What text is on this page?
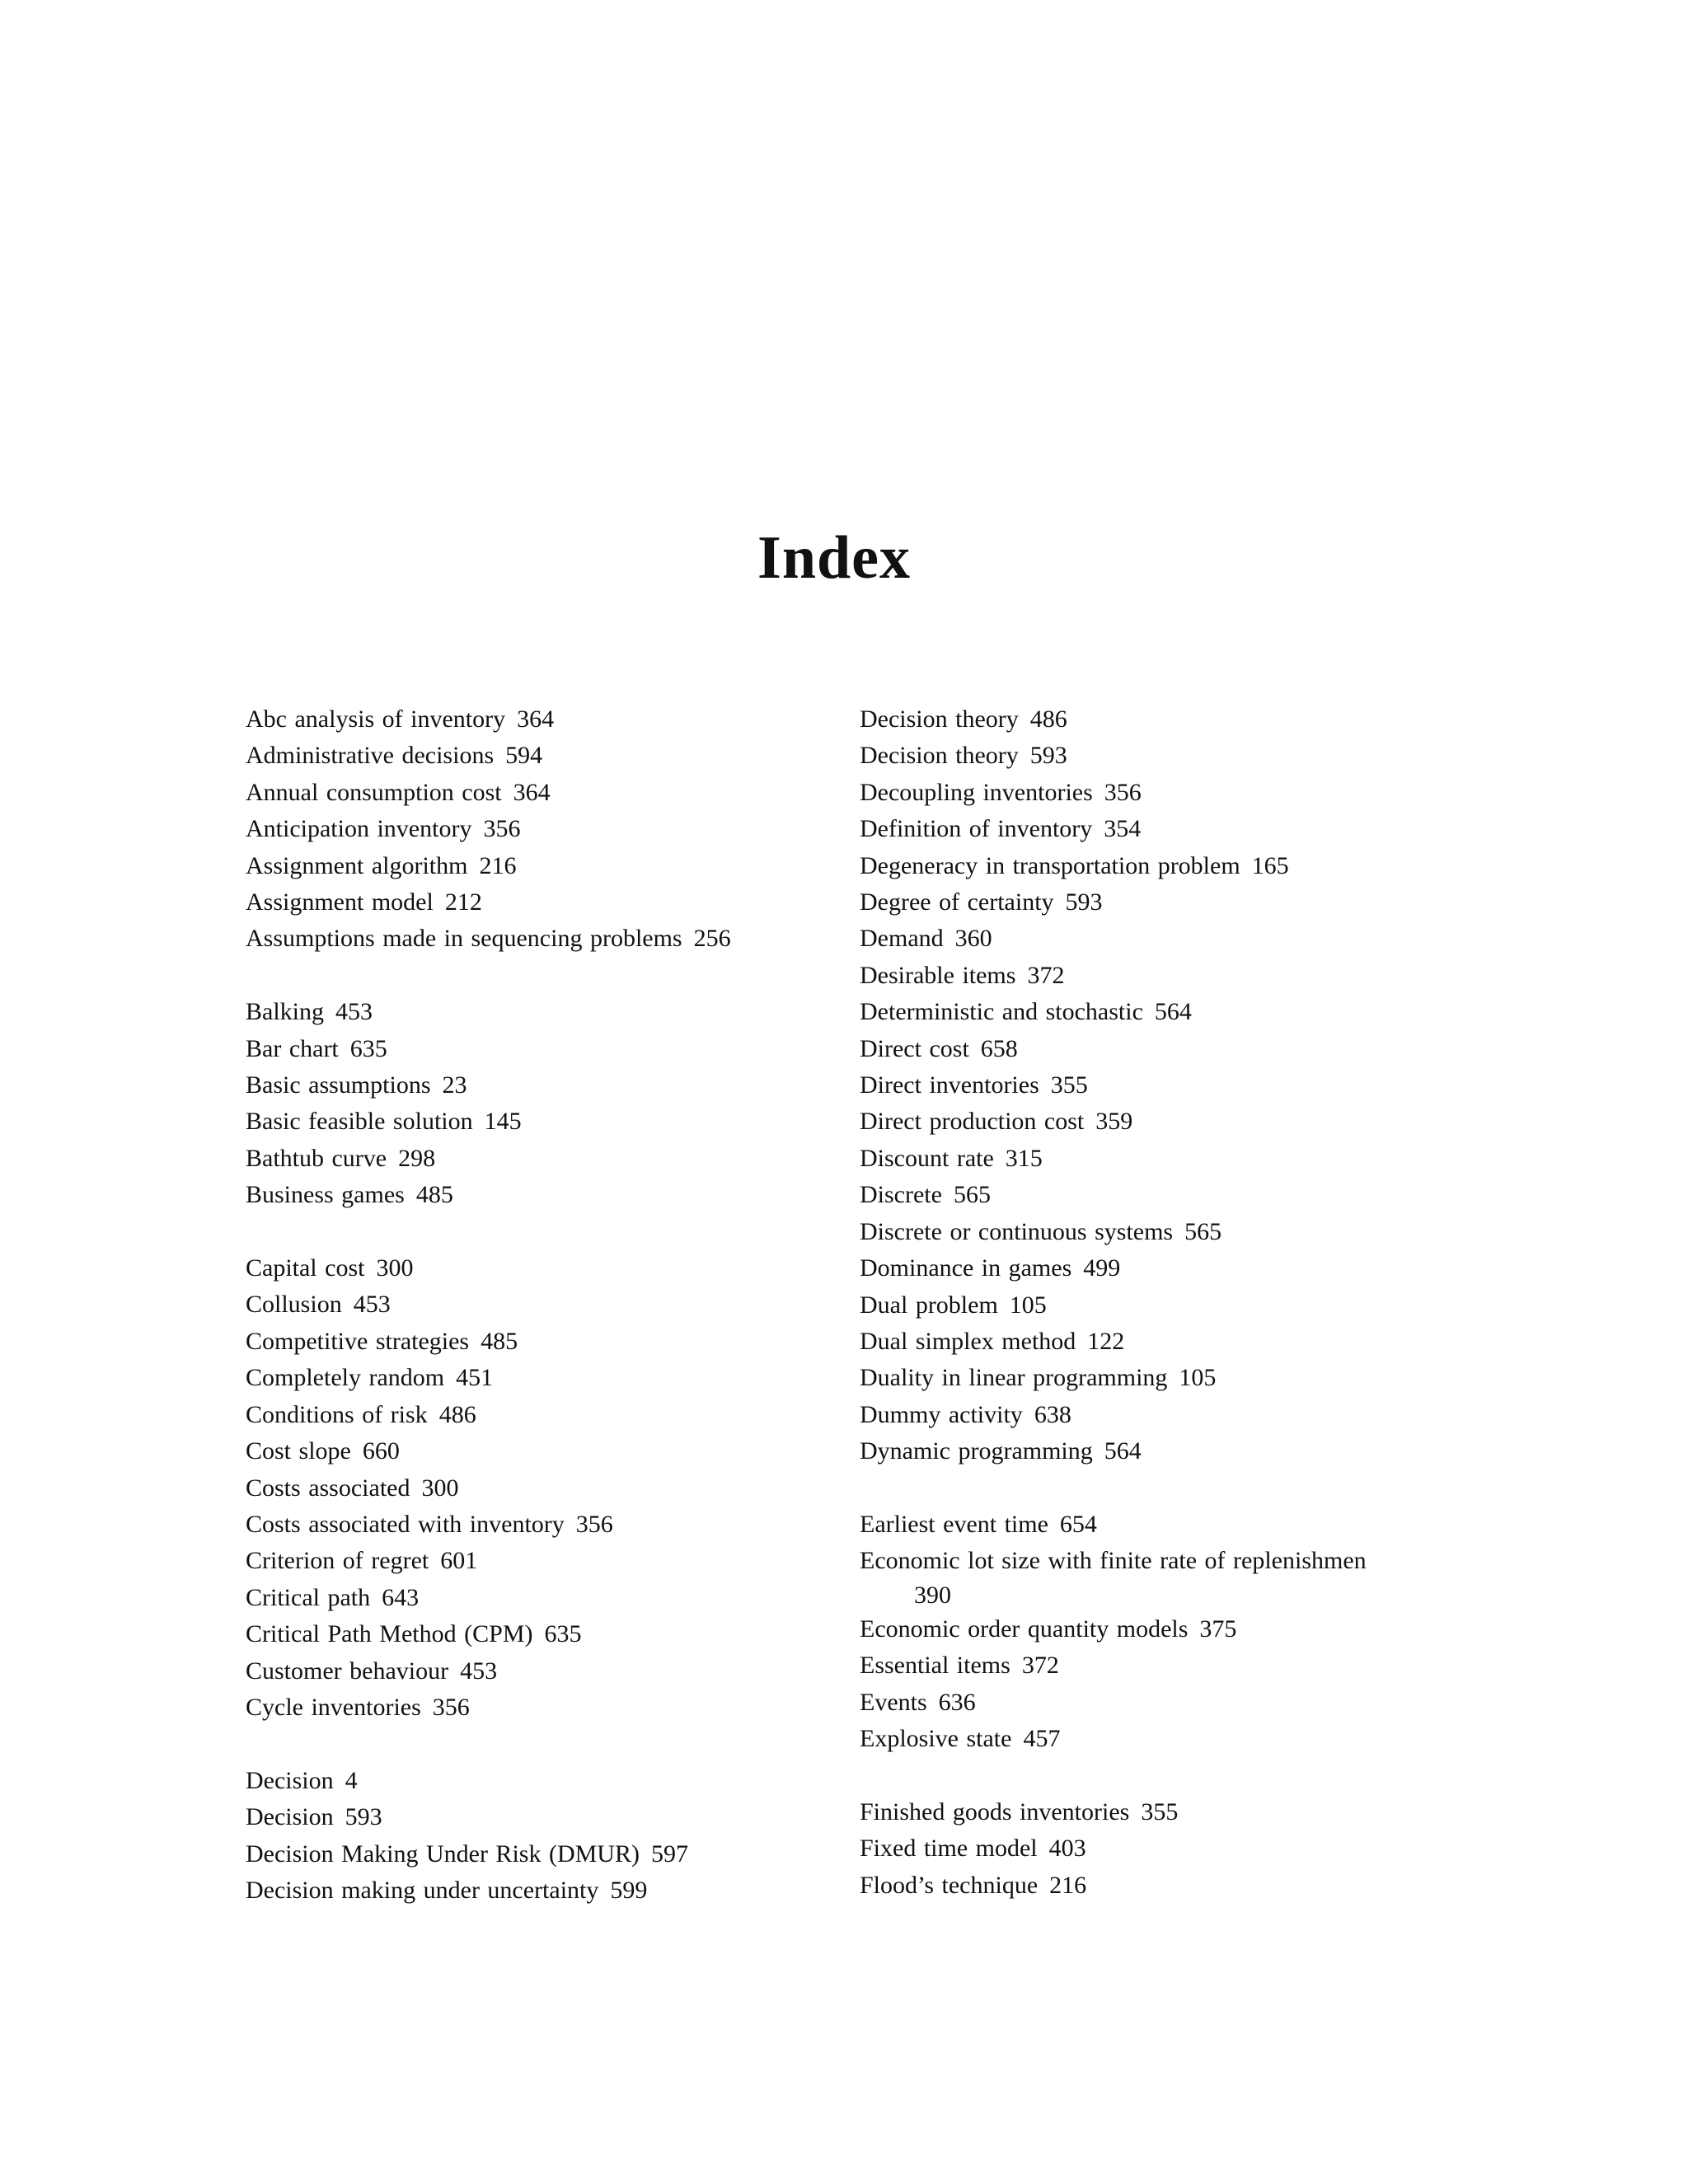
Index
Abc analysis of inventory 364
Administrative decisions 594
Annual consumption cost 364
Anticipation inventory 356
Assignment algorithm 216
Assignment model 212
Assumptions made in sequencing problems 256
Balking 453
Bar chart 635
Basic assumptions 23
Basic feasible solution 145
Bathtub curve 298
Business games 485
Capital cost 300
Collusion 453
Competitive strategies 485
Completely random 451
Conditions of risk 486
Cost slope 660
Costs associated 300
Costs associated with inventory 356
Criterion of regret 601
Critical path 643
Critical Path Method (CPM) 635
Customer behaviour 453
Cycle inventories 356
Decision 4
Decision 593
Decision Making Under Risk (DMUR) 597
Decision making under uncertainty 599
Decision theory 486
Decision theory 593
Decoupling inventories 356
Definition of inventory 354
Degeneracy in transportation problem 165
Degree of certainty 593
Demand 360
Desirable items 372
Deterministic and stochastic 564
Direct cost 658
Direct inventories 355
Direct production cost 359
Discount rate 315
Discrete 565
Discrete or continuous systems 565
Dominance in games 499
Dual problem 105
Dual simplex method 122
Duality in linear programming 105
Dummy activity 638
Dynamic programming 564
Earliest event time 654
Economic lot size with finite rate of replenishmen
390
Economic order quantity models 375
Essential items 372
Events 636
Explosive state 457
Finished goods inventories 355
Fixed time model 403
Flood’s technique 216
